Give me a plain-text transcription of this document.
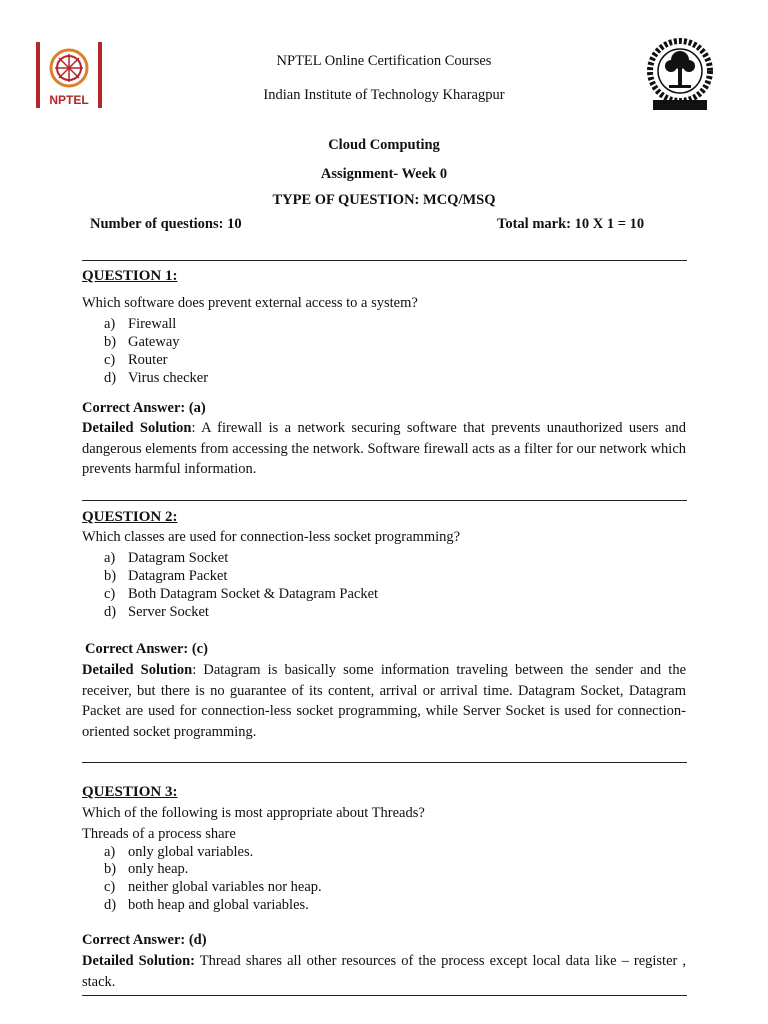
NPTEL
NPTEL Online Certification Courses
Indian Institute of Technology Kharagpur
Cloud Computing
Assignment- Week 0
TYPE OF QUESTION: MCQ/MSQ
Number of questions: 10	Total mark: 10 X 1 = 10
QUESTION 1:
Which software does prevent external access to a system?
a) Firewall
b) Gateway
c) Router
d) Virus checker
Correct Answer: (a)
Detailed Solution: A firewall is a network securing software that prevents unauthorized users and dangerous elements from accessing the network. Software firewall acts as a filter for our network which prevents harmful information.
QUESTION 2:
Which classes are used for connection-less socket programming?
a) Datagram Socket
b) Datagram Packet
c) Both Datagram Socket & Datagram Packet
d) Server Socket
Correct Answer: (c)
Detailed Solution: Datagram is basically some information traveling between the sender and the receiver, but there is no guarantee of its content, arrival or arrival time. Datagram Socket, Datagram Packet are used for connection-less socket programming, while Server Socket is used for connection-oriented socket programming.
QUESTION 3:
Which of the following is most appropriate about Threads?
Threads of a process share
a) only global variables.
b) only heap.
c) neither global variables nor heap.
d) both heap and global variables.
Correct Answer: (d)
Detailed Solution: Thread shares all other resources of the process except local data like – register , stack.
